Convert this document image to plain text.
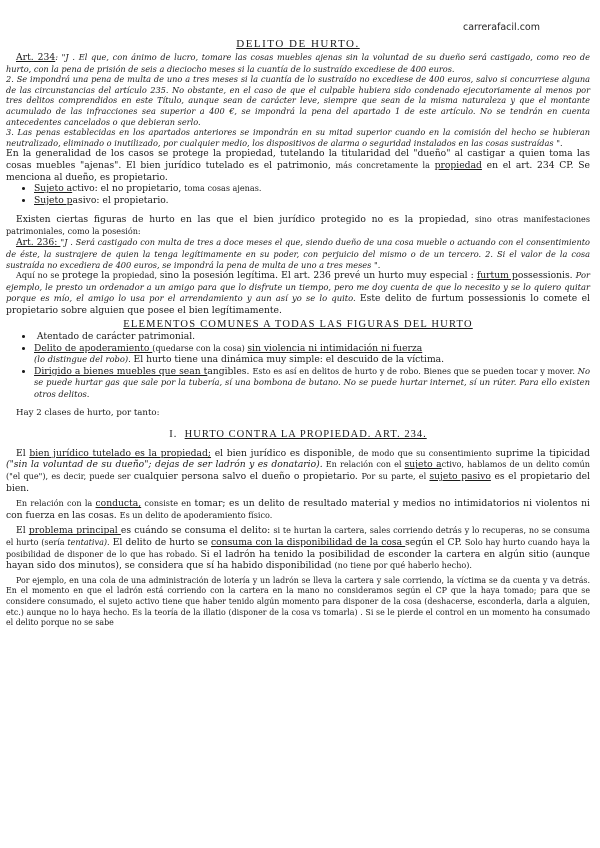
carrerafacil.com
DELITO DE HURTO.

Art. 234: "J . El que, con ánimo de lucro, tomare las cosas muebles ajenas sin la voluntad de su dueño será castigado, como reo de hurto, con la pena de prisión de seis a dieciocho meses si la cuantía de lo sustraído excediese de 400 euros.

2. Se impondrá una pena de multa de uno a tres meses si la cuantía de lo sustraído no excediese de 400 euros, salvo si concurriese alguna de las circunstancias del artículo 235. No obstante, en el caso de que el culpable hubiera sido condenado ejecutoriamente al menos por tres delitos comprendidos en este Título, aunque sean de carácter leve, siempre que sean de la misma naturaleza y que el montante acumulado de las infracciones sea superior a 400 €, se impondrá la pena del apartado 1 de este artículo. No se tendrán en cuenta antecedentes cancelados o que debieran serlo.

3. Las penas establecidas en los apartados anteriores se impondrán en su mitad superior cuando en la comisión del hecho se hubieran neutralizado, eliminado o inutilizado, por cualquier medio, los dispositivos de alarma o seguridad instalados en las cosas sustraídas ".

En la generalidad de los casos se protege la propiedad, tutelando la titularidad del "dueño" al castigar a quien toma las cosas muebles "ajenas". El bien jurídico tutelado es el patrimonio, más concretamente la propiedad en el art. 234 CP. Se menciona al dueño, es propietario.

• Sujeto activo: el no propietario, toma cosas ajenas.
• Sujeto pasivo: el propietario.

Existen ciertas figuras de hurto en las que el bien jurídico protegido no es la propiedad, sino otras manifestaciones patrimoniales, como la posesión:

Art. 236: "J . Será castigado con multa de tres a doce meses el que, siendo dueño de una cosa mueble o actuando con el consentimiento de éste, la sustrajere de quien la tenga legítimamente en su poder, con perjuicio del mismo o de un tercero. 2. Si el valor de la cosa sustraída no excediera de 400 euros, se impondrá la pena de multa de uno a tres meses ".

Aquí no se protege la propiedad, sino la posesión legítima. El art. 236 prevé un hurto muy especial : furtum possessionis. Por ejemplo, le presto un ordenador a un amigo para que lo disfrute un tiempo, pero me doy cuenta de que lo necesito y se lo quiero quitar porque es mío, el amigo lo usa por el arrendamiento y aun así yo se lo quito. Este delito de furtum possessionis lo comete el propietario sobre alguien que posee el bien legítimamente.

ELEMENTOS COMUNES A TODAS LAS FIGURAS DEL HURTO
• Atentado de carácter patrimonial.
• Delito de apoderamiento (quedarse con la cosa) sin violencia ni intimidación ni fuerza
(lo distingue del robo). El hurto tiene una dinámica muy simple: el descuido de la víctima.
• Dirigido a bienes muebles que sean tangibles. Esto es así en delitos de hurto y de robo. Bienes que se pueden tocar y mover. No se puede hurtar gas que sale por la tubería, sí una bombona de butano. No se puede hurtar internet, sí un rúter. Para ello existen otros delitos.

Hay 2 clases de hurto, por tanto:

I. HURTO CONTRA LA PROPIEDAD. ART. 234.

El bien jurídico tutelado es la propiedad; el bien jurídico es disponible, de modo que su consentimiento suprime la tipicidad ("sin la voluntad de su dueño"; dejas de ser ladrón y es donatario). En relación con el sujeto activo, hablamos de un delito común ("el que"), es decir, puede ser cualquier persona salvo el dueño o propietario. Por su parte, el sujeto pasivo es el propietario del bien.

En relación con la conducta, consiste en tomar; es un delito de resultado material y medios no intimidatorios ni violentos ni con fuerza en las cosas. Es un delito de apoderamiento físico.

El problema principal es cuándo se consuma el delito: si te hurtan la cartera, sales corriendo detrás y lo recuperas, no se consuma el hurto (sería tentativa). El delito de hurto se consuma con la disponibilidad de la cosa según el CP. Solo hay hurto cuando haya la posibilidad de disponer de lo que has robado. Si el ladrón ha tenido la posibilidad de esconder la cartera en algún sitio (aunque hayan sido dos minutos), se considera que sí ha habido disponibilidad (no tiene por qué haberlo hecho).

Por ejemplo, en una cola de una administración de lotería y un ladrón se lleva la cartera y sale corriendo, la víctima se da cuenta y va detrás. En el momento en que el ladrón está corriendo con la cartera en la mano no consideramos según el CP que la haya tomado; para que se considere consumado, el sujeto activo tiene que haber tenido algún momento para disponer de la cosa (deshacerse, esconderla, darla a alguien, etc.) aunque no lo haya hecho. Es la teoría de la illatio (disponer de la cosa vs tomarla) . Si se le pierde el control en un momento ha consumado el delito porque no se sabe
